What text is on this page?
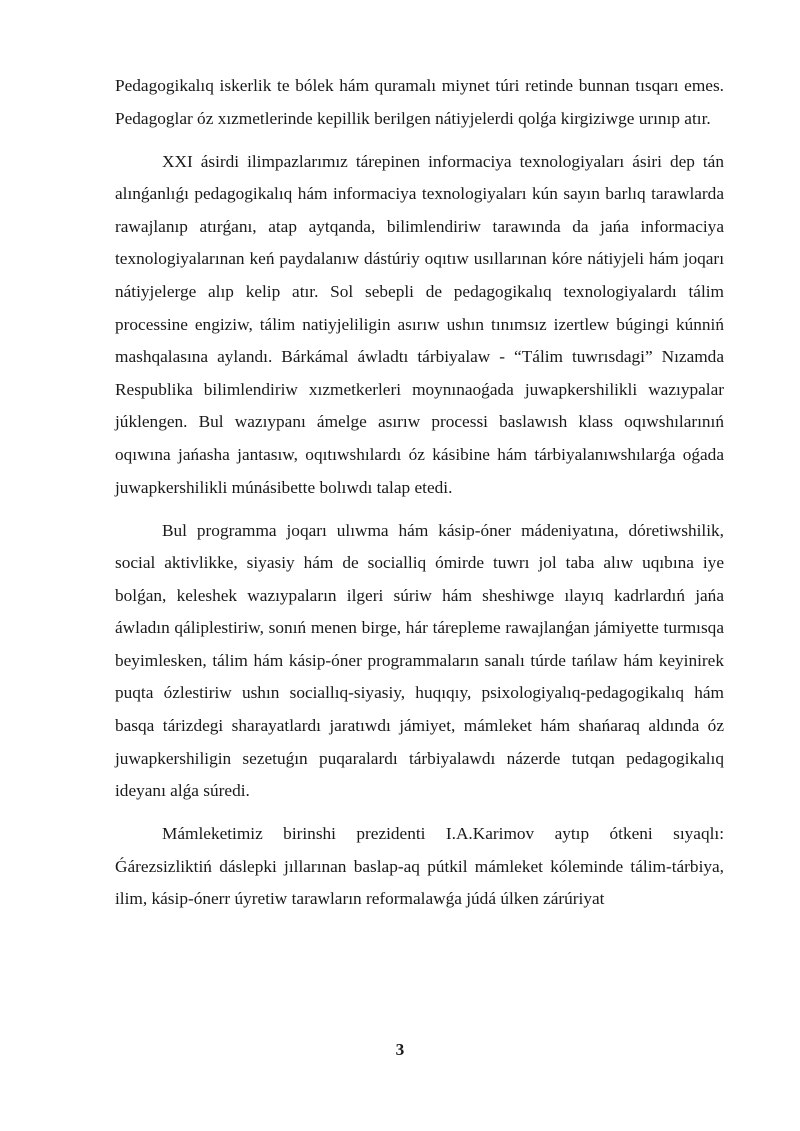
Pedagogikalıq iskerlik te bólek hám quramalı miynet túri retinde bunnan tısqarı emes. Pedagoglar óz xızmetlerinde kepillik berilgen nátiyjelerdi qolǵa kirgiziwge urınıp atır.

XXI ásirdi ilimpazlarımız tárepinen informaciya texnologiyaları ásiri dep tán alınǵanlıǵı pedagogikalıq hám informaciya texnologiyaları kún sayın barlıq tarawlarda rawajlanıp atırǵanı, atap aytqanda, bilimlendiriw tarawında da jańa informaciya texnologiyalarınan keń paydalanıw dástúriy oqıtıw usıllarınan kóre nátiyjeli hám joqarı nátiyjelerge alıp kelip atır. Sol sebepli de pedagogikalıq texnologiyalardı tálim processine engiziw, tálim natiyjeliligin asırıw ushın tınımsız izertlew búgingi kúnniń mashqalasına aylandı. Bárkámal áwladtı tárbiyalaw - “Tálim tuwrısdagi” Nızamda Respublika bilimlendiriw xızmetkerleri moynınaoǵada juwapkershilikli wazıypalar júklengen. Bul wazıypanı ámelge asırıw processi baslawısh klass oqıwshılarınıń oqıwına jańasha jantasıw, oqıtıwshılardı óz kásibine hám tárbiyalanıwshılarǵa oǵada juwapkershilikli múnásibette bolıwdı talap etedi.

Bul programma joqarı ulıwma hám kásip-óner mádeniyatına, dóretiwshilik, social aktivlikke, siyasiy hám de socialliq ómirde tuwrı jol taba alıw uqıbına iye bolǵan, keleshek wazıypaların ilgeri súriw hám sheshiwge ılayıq kadrlardıń jańa áwladın qáliplestiriw, sonıń menen birge, hár tárepleme rawajlanǵan jámiyette turmısqa beyimlesken, tálim hám kásip-óner programmaların sanalı túrde tańlaw hám keyinirek puqta ózlestiriw ushın sociallıq-siyasiy, huqıqıy, psixologiyalıq-pedagogikalıq hám basqa tárizdegi sharayatlardı jaratıwdı jámiyet, mámleket hám shańaraq aldında óz juwapkershiligin sezetuǵın puqaralardı tárbiyalawdı názerde tutqan pedagogikalıq ideyanı alǵa súredi.

Mámleketimiz birinshi prezidenti I.A.Karimov aytıp ótkeni sıyaqlı: Ǵárezsizliktiń dáslepki jıllarınan baslap-aq pútkil mámleket kóleminde tálim-tárbiya, ilim, kásip-ónerr úyretiw tarawların reformalawǵa júdá úlken zárúriyat

3
